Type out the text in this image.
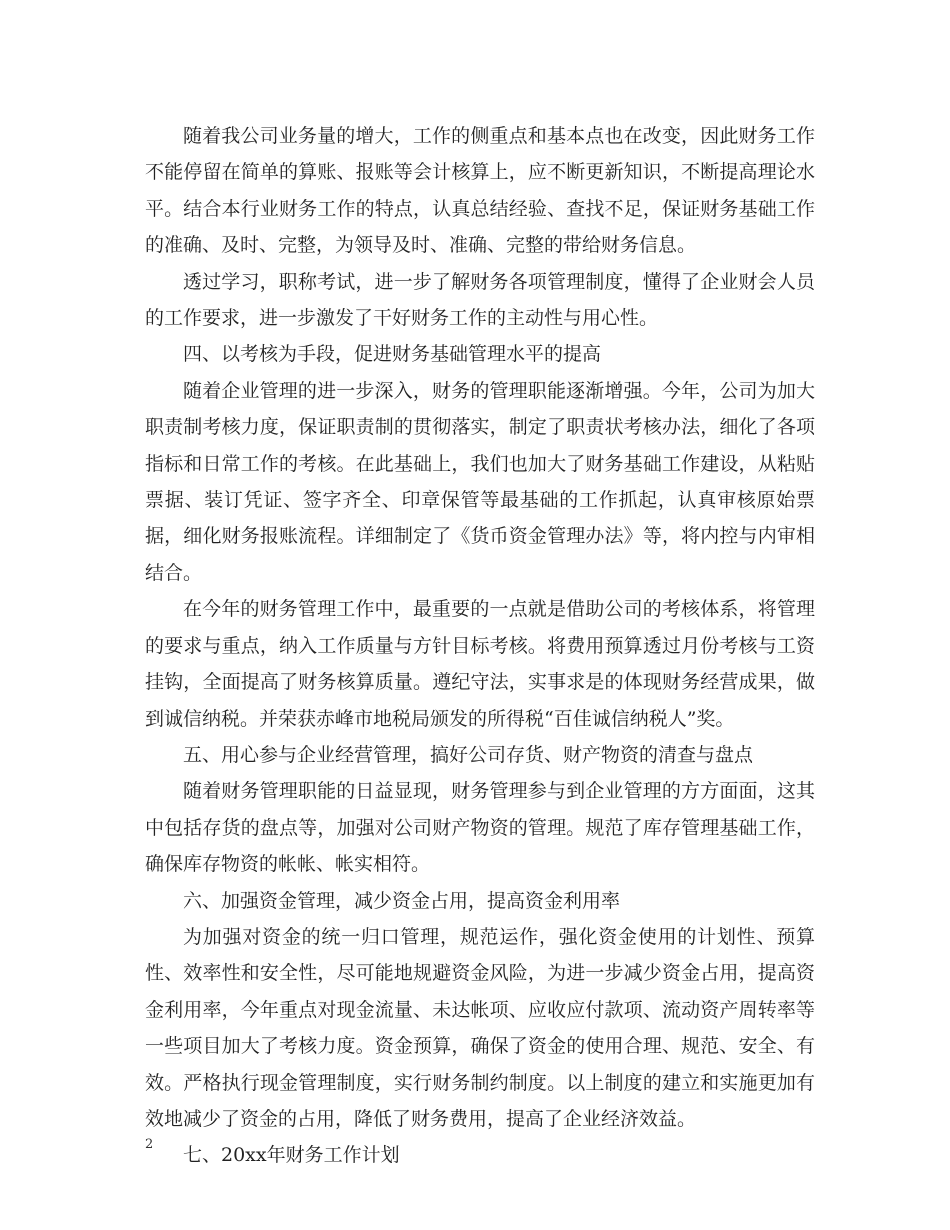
随着我公司业务量的增大，工作的侧重点和基本点也在改变，因此财务工作不能停留在简单的算账、报账等会计核算上，应不断更新知识，不断提高理论水平。结合本行业财务工作的特点，认真总结经验、查找不足，保证财务基础工作的准确、及时、完整，为领导及时、准确、完整的带给财务信息。

透过学习，职称考试，进一步了解财务各项管理制度，懂得了企业财会人员的工作要求，进一步激发了干好财务工作的主动性与用心性。

四、以考核为手段，促进财务基础管理水平的提高

随着企业管理的进一步深入，财务的管理职能逐渐增强。今年，公司为加大职责制考核力度，保证职责制的贯彻落实，制定了职责状考核办法，细化了各项指标和日常工作的考核。在此基础上，我们也加大了财务基础工作建设，从粘贴票据、装订凭证、签字齐全、印章保管等最基础的工作抓起，认真审核原始票据，细化财务报账流程。详细制定了《货币资金管理办法》等，将内控与内审相结合。

在今年的财务管理工作中，最重要的一点就是借助公司的考核体系，将管理的要求与重点，纳入工作质量与方针目标考核。将费用预算透过月份考核与工资挂钩，全面提高了财务核算质量。遵纪守法，实事求是的体现财务经营成果，做到诚信纳税。并荣获赤峰市地税局颁发的所得税“百佳诚信纳税人”奖。

五、用心参与企业经营管理，搞好公司存货、财产物资的清查与盘点

随着财务管理职能的日益显现，财务管理参与到企业管理的方方面面，这其中包括存货的盘点等，加强对公司财产物资的管理。规范了库存管理基础工作，确保库存物资的帐帐、帐实相符。

六、加强资金管理，减少资金占用，提高资金利用率

为加强对资金的统一归口管理，规范运作，强化资金使用的计划性、预算性、效率性和安全性，尽可能地规避资金风险，为进一步减少资金占用，提高资金利用率，今年重点对现金流量、未达帐项、应收应付款项、流动资产周转率等一些项目加大了考核力度。资金预算，确保了资金的使用合理、规范、安全、有效。严格执行现金管理制度，实行财务制约制度。以上制度的建立和实施更加有效地减少了资金的占用，降低了财务费用，提高了企业经济效益。

七、20xx年财务工作计划

2
